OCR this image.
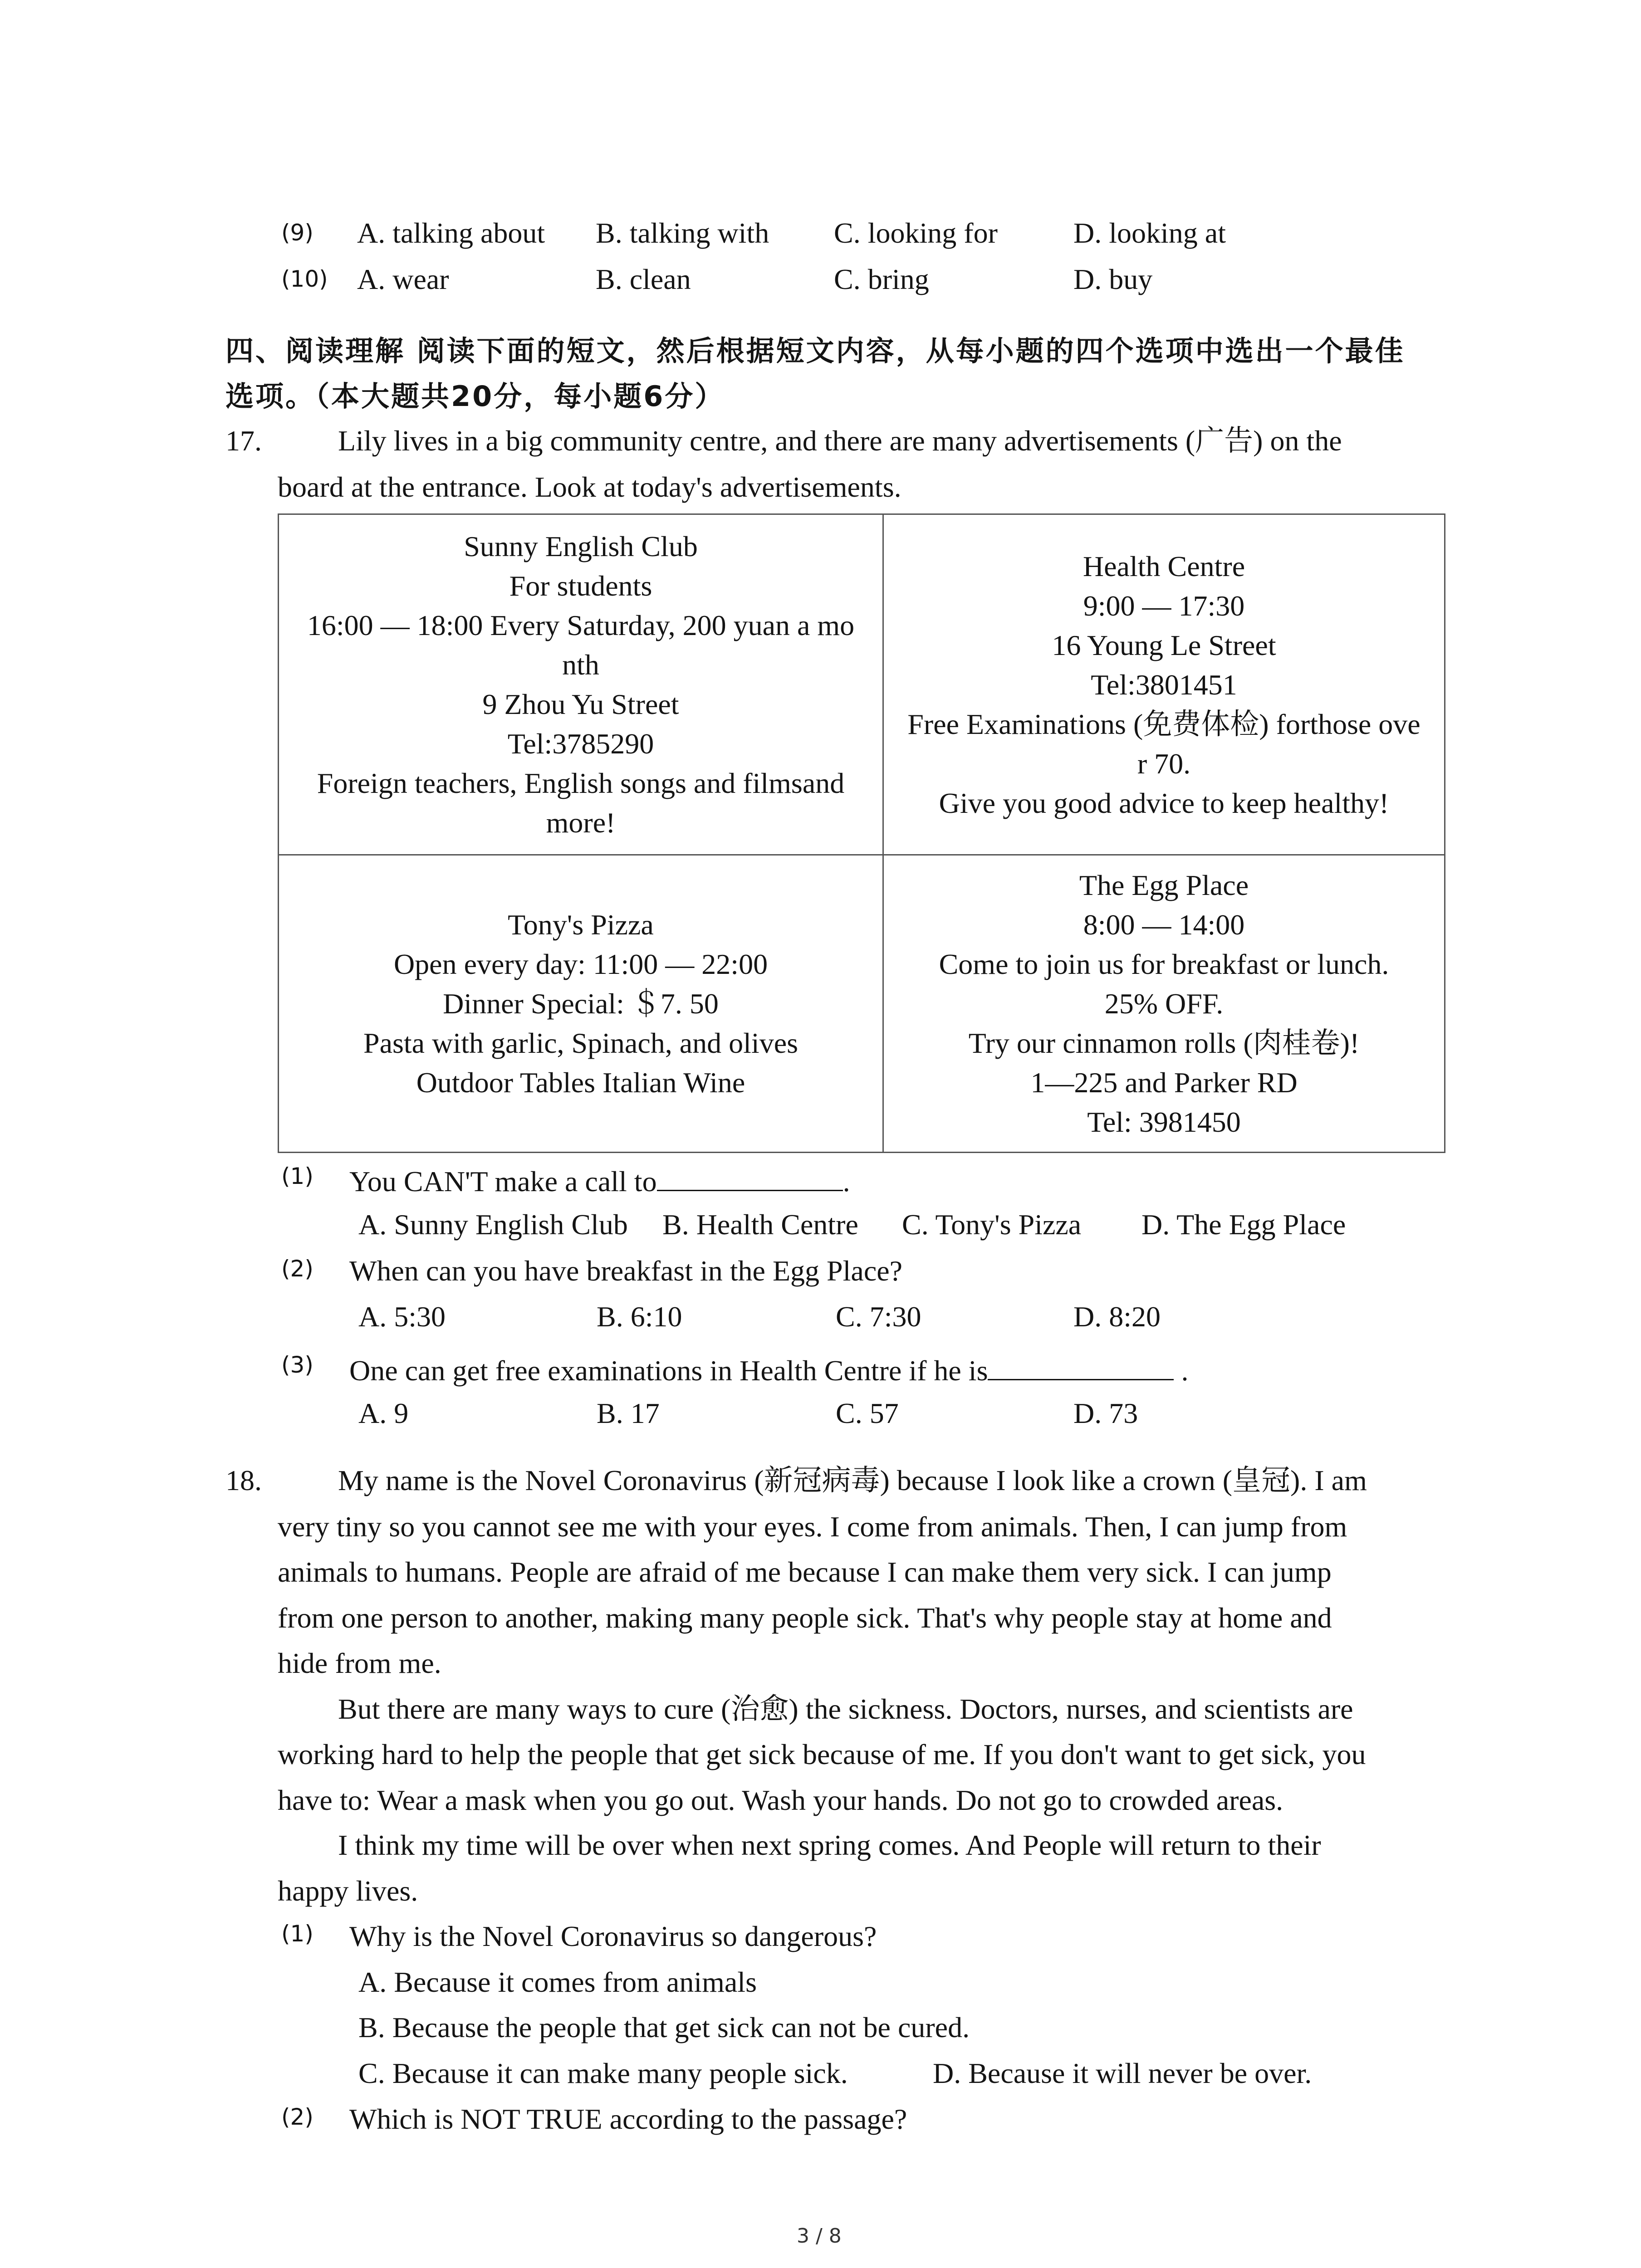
(9) A. talking about B. talking with C. looking for	D. looking at
(10) A. wear	B. clean	C. bring	D. buy
四、阅读理解 阅读下面的短文，然后根据短文内容，从每小题的四个选项中选出一个最佳
选项。（本大题共20分，每小题6分）
17.	Lily lives in a big community centre, and there are many advertisements (广告) on the
board at the entrance. Look at today's advertisements.
Sunny English Club
For students
16:00 — 18:00 Every Saturday, 200 yuan a mo
nth
9 Zhou Yu Street
Tel:3785290
Foreign teachers, English songs and filmsand
more!
Health Centre
9:00 — 17:30
16 Young Le Street
Tel:3801451
Free Examinations (免费体检) forthose ove
r 70.
Give you good advice to keep healthy!
Tony's Pizza
Open every day: 11:00 — 22:00
Dinner Special: ＄7. 50
Pasta with garlic, Spinach, and olives
Outdoor Tables Italian Wine
The Egg Place
8:00 — 14:00
Come to join us for breakfast or lunch.
25% OFF.
Try our cinnamon rolls (肉桂卷)!
1—225 and Parker RD
Tel: 3981450
(1) You CAN'T make a call to	.
A. Sunny English Club B. Health Centre C. Tony's Pizza D. The Egg Place
(2) When can you have breakfast in the Egg Place?
A. 5:30	B. 6:10	C. 7:30	D. 8:20
(3) One can get free examinations in Health Centre if he is	.
A. 9	B. 17	C. 57	D. 73
18.	My name is the Novel Coronavirus (新冠病毒) because I look like a crown (皇冠). I am
very tiny so you cannot see me with your eyes. I come from animals. Then, I can jump from
animals to humans. People are afraid of me because I can make them very sick. I can jump
from one person to another, making many people sick. That's why people stay at home and
hide from me.
But there are many ways to cure (治愈) the sickness. Doctors, nurses, and scientists are
working hard to help the people that get sick because of me. If you don't want to get sick, you
have to: Wear a mask when you go out. Wash your hands. Do not go to crowded areas.
I think my time will be over when next spring comes. And People will return to their
happy lives.
(1) Why is the Novel Coronavirus so dangerous?
A. Because it comes from animals
B. Because the people that get sick can not be cured.
C. Because it can make many people sick.	D. Because it will never be over.
(2) Which is NOT TRUE according to the passage?
3 / 8
